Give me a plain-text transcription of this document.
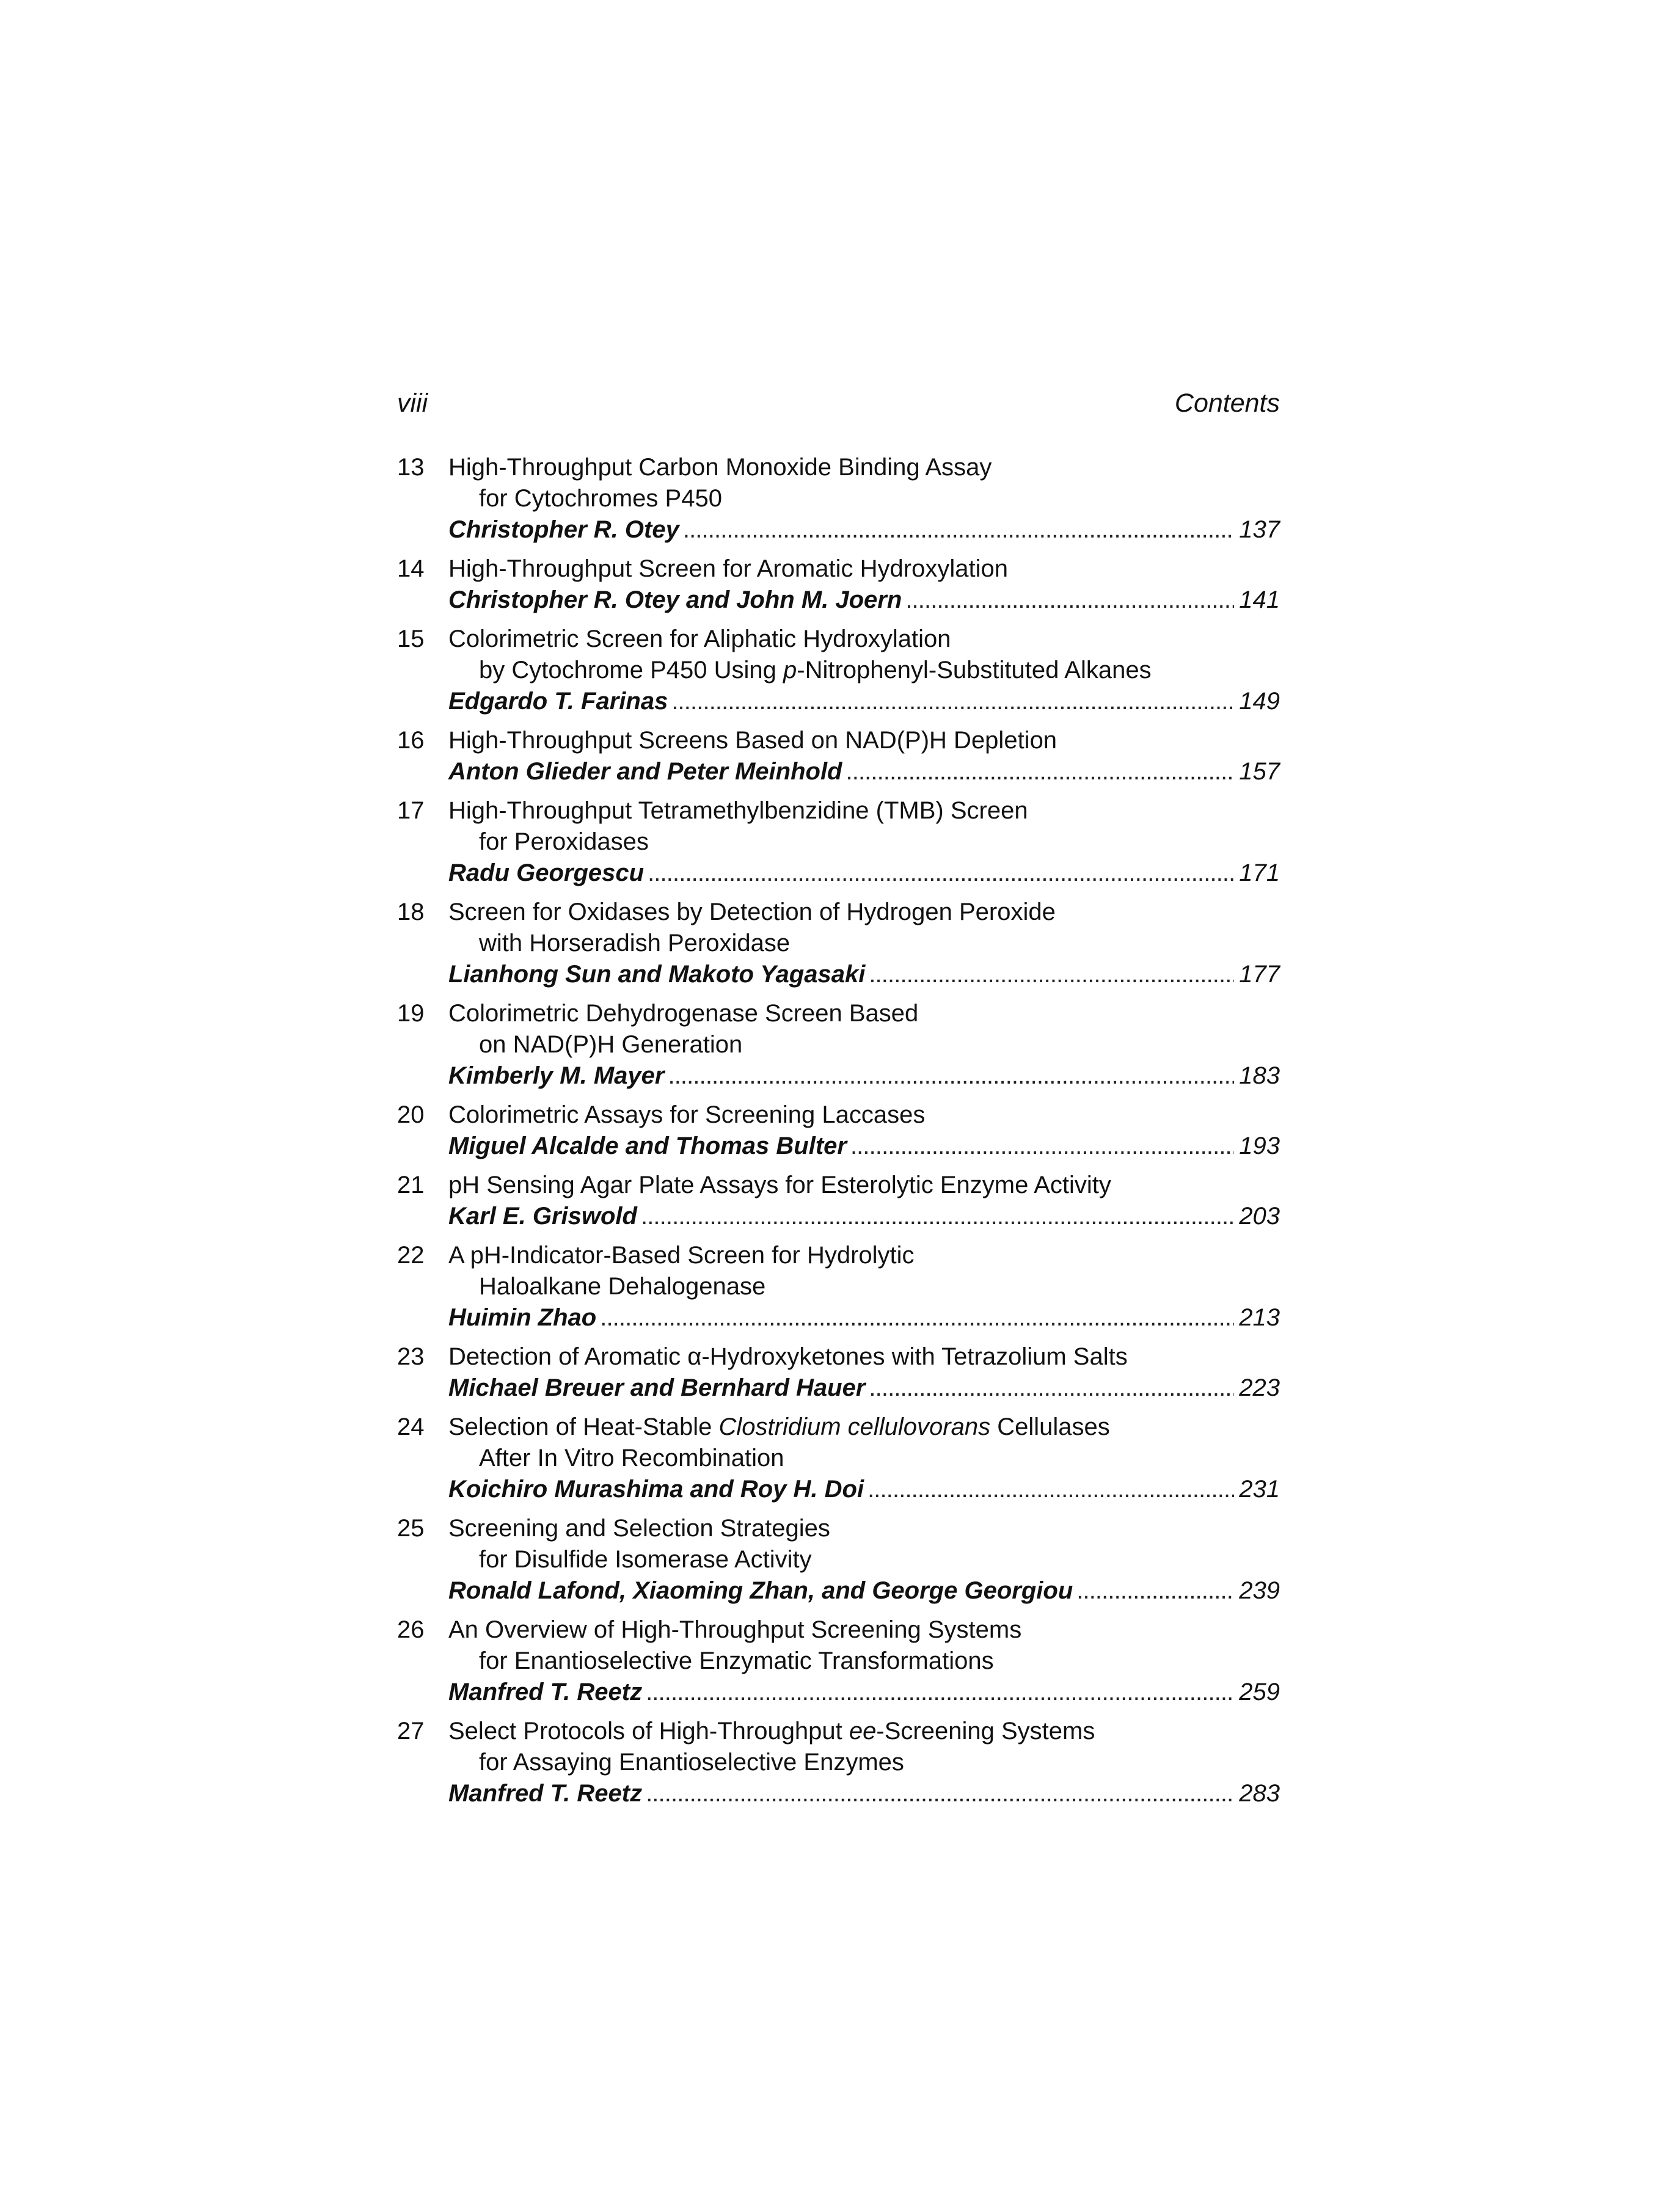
viii	Contents
13 High-Throughput Carbon Monoxide Binding Assay
for Cytochromes P450
Christopher R. Otey . . .	137
14 High-Throughput Screen for Aromatic Hydroxylation
Christopher R. Otey and John M. Joern . . .	141
15 Colorimetric Screen for Aliphatic Hydroxylation
by Cytochrome P450 Using p-Nitrophenyl-Substituted Alkanes
Edgardo T. Farinas . . .	149
16 High-Throughput Screens Based on NAD(P)H Depletion
Anton Glieder and Peter Meinhold . . .	157
17 High-Throughput Tetramethylbenzidine (TMB) Screen
for Peroxidases
Radu Georgescu . . .	171
18 Screen for Oxidases by Detection of Hydrogen Peroxide
with Horseradish Peroxidase
Lianhong Sun and Makoto Yagasaki . . .	177
19 Colorimetric Dehydrogenase Screen Based
on NAD(P)H Generation
Kimberly M. Mayer . . .	183
20 Colorimetric Assays for Screening Laccases
Miguel Alcalde and Thomas Bulter . . .	193
21 pH Sensing Agar Plate Assays for Esterolytic Enzyme Activity
Karl E. Griswold . . .	203
22 A pH-Indicator-Based Screen for Hydrolytic
Haloalkane Dehalogenase
Huimin Zhao . . .	213
23 Detection of Aromatic α-Hydroxyketones with Tetrazolium Salts
Michael Breuer and Bernhard Hauer . . .	223
24 Selection of Heat-Stable Clostridium cellulovorans Cellulases
After In Vitro Recombination
Koichiro Murashima and Roy H. Doi . . .	231
25 Screening and Selection Strategies
for Disulfide Isomerase Activity
Ronald Lafond, Xiaoming Zhan, and George Georgiou . . .	239
26 An Overview of High-Throughput Screening Systems
for Enantioselective Enzymatic Transformations
Manfred T. Reetz . . .	259
27 Select Protocols of High-Throughput ee-Screening Systems
for Assaying Enantioselective Enzymes
Manfred T. Reetz . . .	283
